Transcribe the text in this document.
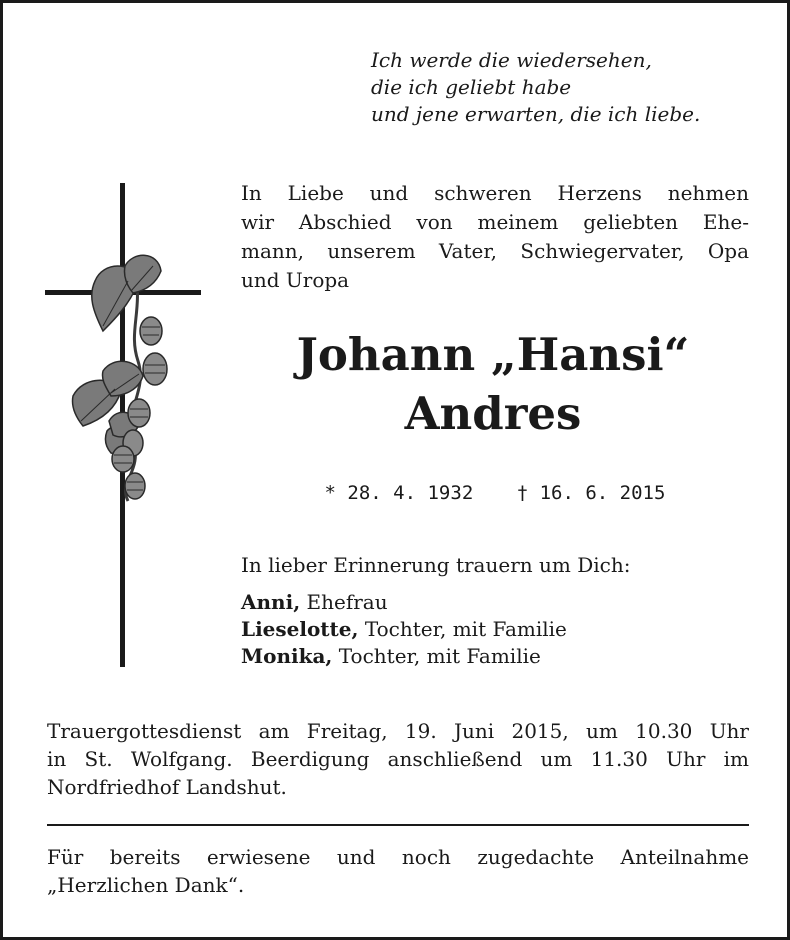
Ich werde die wiedersehen,
die ich geliebt habe
und jene erwarten, die ich liebe.
In Liebe und schweren Herzens nehmen
wir Abschied von meinem geliebten Ehe-
mann, unserem Vater, Schwiegervater, Opa
und Uropa
Johann „Hansi“
Andres
* 28. 4. 1932 † 16. 6. 2015
In lieber Erinnerung trauern um Dich:
Anni, Ehefrau
Lieselotte, Tochter, mit Familie
Monika, Tochter, mit Familie
Trauergottesdienst am Freitag, 19. Juni 2015, um 10.30 Uhr
in St. Wolfgang. Beerdigung anschließend um 11.30 Uhr im
Nordfriedhof Landshut.
Für bereits erwiesene und noch zugedachte Anteilnahme
„Herzlichen Dank“.
